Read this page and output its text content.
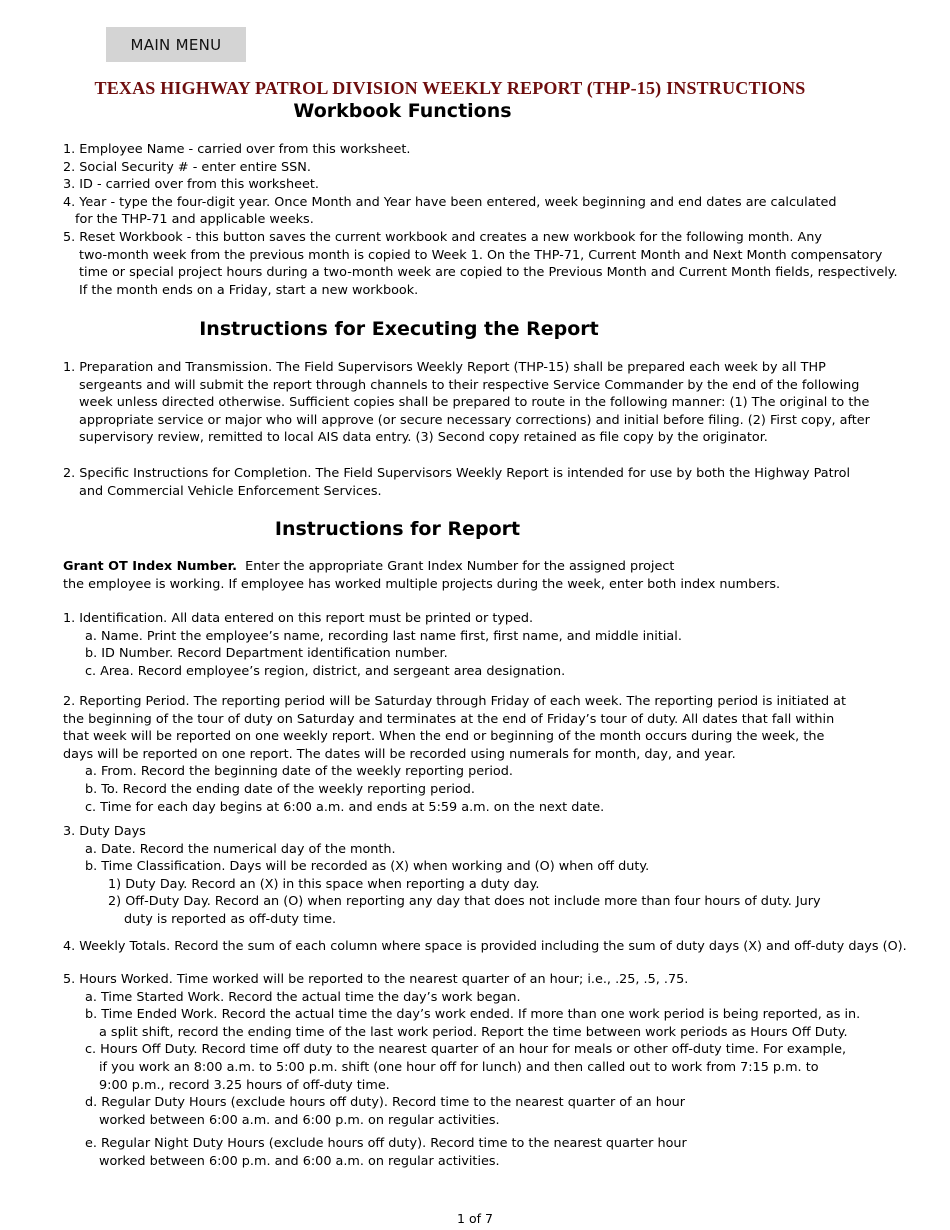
MAIN MENU
TEXAS HIGHWAY PATROL DIVISION WEEKLY REPORT (THP-15) INSTRUCTIONS
Workbook Functions
1. Employee Name - carried over from this worksheet.
2. Social Security # - enter entire SSN.
3. ID - carried over from this worksheet.
4. Year - type the four-digit year. Once Month and Year have been entered, week beginning and end dates are calculated
for the THP-71 and applicable weeks.
5. Reset Workbook - this button saves the current workbook and creates a new workbook for the following month. Any
two-month week from the previous month is copied to Week 1. On the THP-71, Current Month and Next Month compensatory
time or special project hours during a two-month week are copied to the Previous Month and Current Month fields, respectively.
If the month ends on a Friday, start a new workbook.
Instructions for Executing the Report
1. Preparation and Transmission. The Field Supervisors Weekly Report (THP-15) shall be prepared each week by all THP
sergeants and will submit the report through channels to their respective Service Commander by the end of the following
week unless directed otherwise. Sufficient copies shall be prepared to route in the following manner: (1) The original to the
appropriate service or major who will approve (or secure necessary corrections) and initial before filing. (2) First copy, after
supervisory review, remitted to local AIS data entry. (3) Second copy retained as file copy by the originator.
2. Specific Instructions for Completion. The Field Supervisors Weekly Report is intended for use by both the Highway Patrol
and Commercial Vehicle Enforcement Services.
Instructions for Report
Grant OT Index Number.  Enter the appropriate Grant Index Number for the assigned project
the employee is working. If employee has worked multiple projects during the week, enter both index numbers.
1. Identification. All data entered on this report must be printed or typed.
a. Name. Print the employee’s name, recording last name first, first name, and middle initial.
b. ID Number. Record Department identification number.
c. Area. Record employee’s region, district, and sergeant area designation.
2. Reporting Period. The reporting period will be Saturday through Friday of each week. The reporting period is initiated at
the beginning of the tour of duty on Saturday and terminates at the end of Friday’s tour of duty. All dates that fall within
that week will be reported on one weekly report. When the end or beginning of the month occurs during the week, the
days will be reported on one report. The dates will be recorded using numerals for month, day, and year.
a. From. Record the beginning date of the weekly reporting period.
b. To. Record the ending date of the weekly reporting period.
c. Time for each day begins at 6:00 a.m. and ends at 5:59 a.m. on the next date.
3. Duty Days
a. Date. Record the numerical day of the month.
b. Time Classification. Days will be recorded as (X) when working and (O) when off duty.
1) Duty Day. Record an (X) in this space when reporting a duty day.
2) Off-Duty Day. Record an (O) when reporting any day that does not include more than four hours of duty. Jury
duty is reported as off-duty time.
4. Weekly Totals. Record the sum of each column where space is provided including the sum of duty days (X) and off-duty days (O).
5. Hours Worked. Time worked will be reported to the nearest quarter of an hour; i.e., .25, .5, .75.
a. Time Started Work. Record the actual time the day’s work began.
b. Time Ended Work. Record the actual time the day’s work ended. If more than one work period is being reported, as in.
a split shift, record the ending time of the last work period. Report the time between work periods as Hours Off Duty.
c. Hours Off Duty. Record time off duty to the nearest quarter of an hour for meals or other off-duty time. For example,
if you work an 8:00 a.m. to 5:00 p.m. shift (one hour off for lunch) and then called out to work from 7:15 p.m. to
9:00 p.m., record 3.25 hours of off-duty time.
d. Regular Duty Hours (exclude hours off duty). Record time to the nearest quarter of an hour
worked between 6:00 a.m. and 6:00 p.m. on regular activities.
e. Regular Night Duty Hours (exclude hours off duty). Record time to the nearest quarter hour
worked between 6:00 p.m. and 6:00 a.m. on regular activities.
1 of 7
